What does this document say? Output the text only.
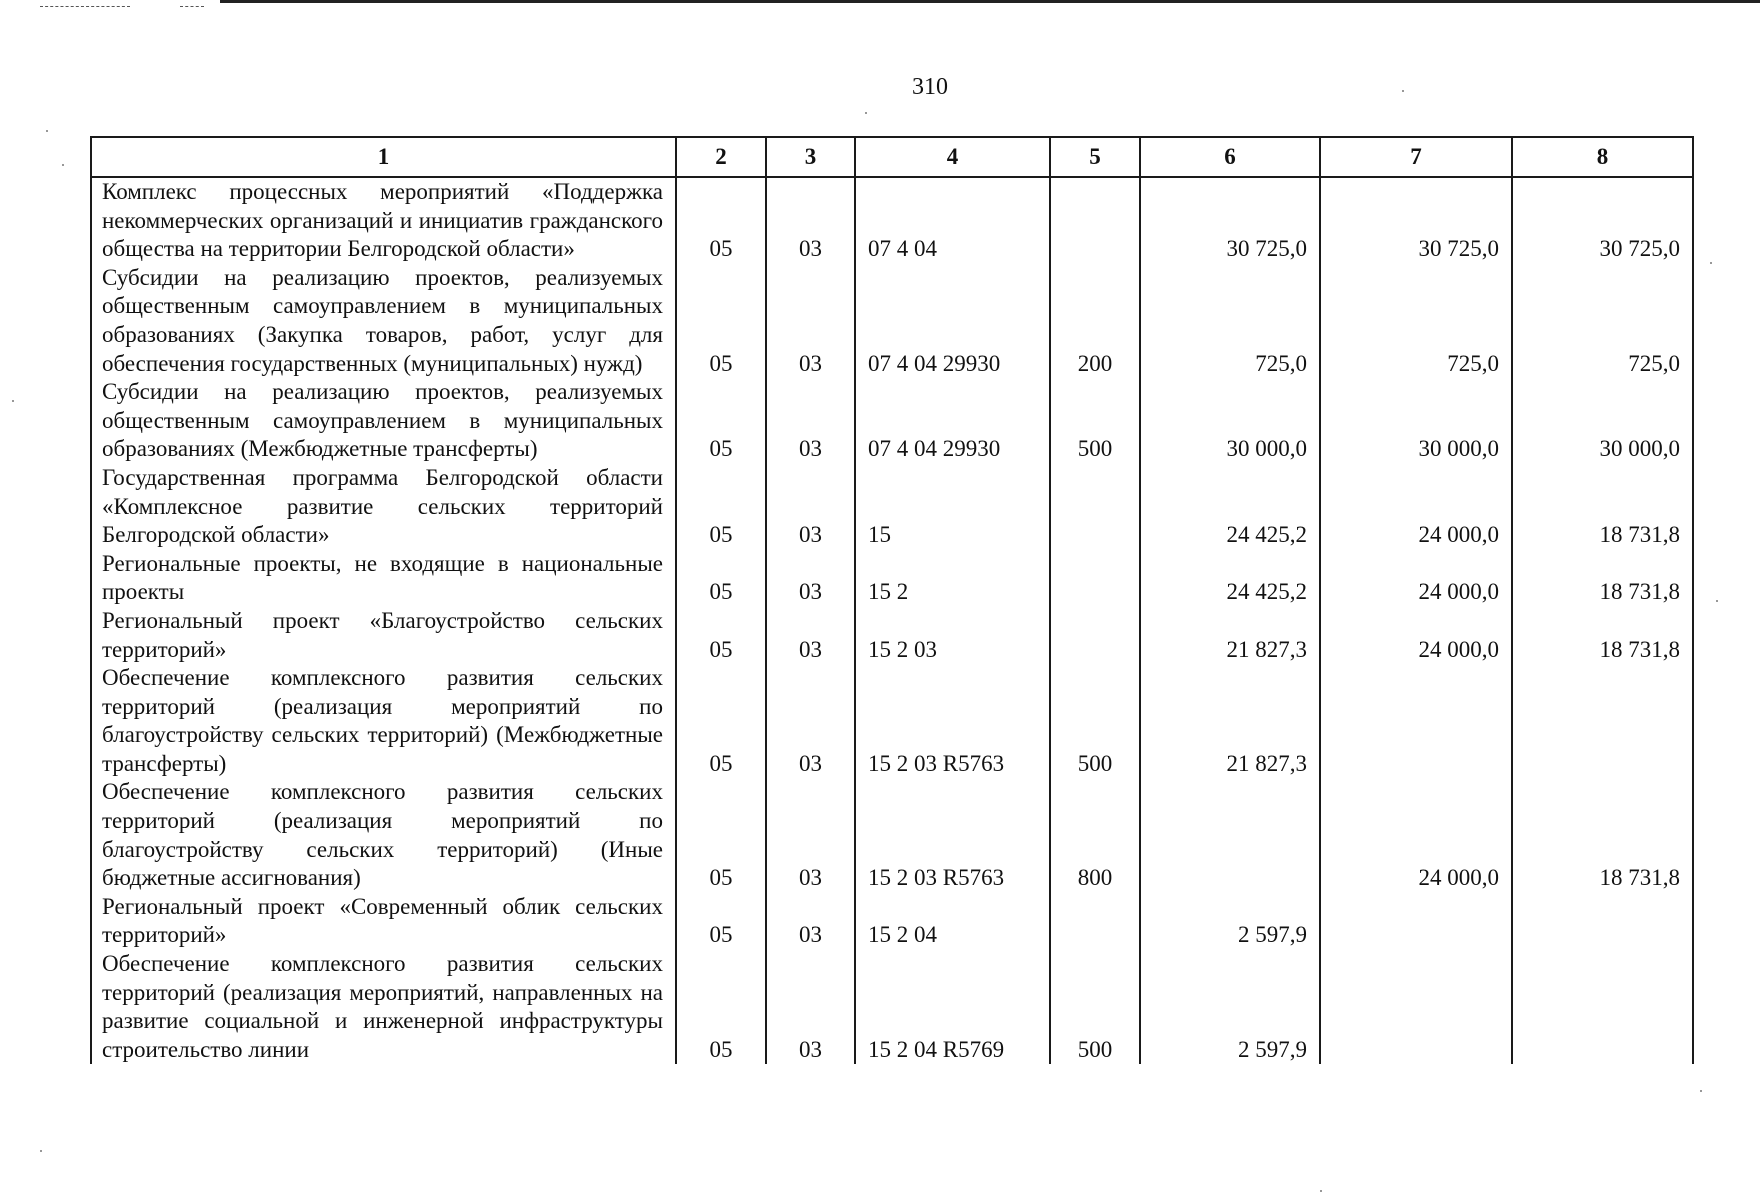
310
1	2	3	4	5	6	7	8
Комплекс процессных мероприятий «Поддержка некоммерческих организаций и инициатив гражданского общества на территории Белгородской области»	05	03	07 4 04		30 725,0	30 725,0	30 725,0
Субсидии на реализацию проектов, реализуемых общественным самоуправлением в муниципальных образованиях (Закупка товаров, работ, услуг для обеспечения государственных (муниципальных) нужд)	05	03	07 4 04 29930	200	725,0	725,0	725,0
Субсидии на реализацию проектов, реализуемых общественным самоуправлением в муниципальных образованиях (Межбюджетные трансферты)	05	03	07 4 04 29930	500	30 000,0	30 000,0	30 000,0
Государственная программа Белгородской области «Комплексное развитие сельских территорий Белгородской области»	05	03	15		24 425,2	24 000,0	18 731,8
Региональные проекты, не входящие в национальные проекты	05	03	15 2		24 425,2	24 000,0	18 731,8
Региональный проект «Благоустройство сельских территорий»	05	03	15 2 03		21 827,3	24 000,0	18 731,8
Обеспечение комплексного развития сельских территорий (реализация мероприятий по благоустройству сельских территорий) (Межбюджетные трансферты)	05	03	15 2 03 R5763	500	21 827,3		
Обеспечение комплексного развития сельских территорий (реализация мероприятий по благоустройству сельских территорий) (Иные бюджетные ассигнования)	05	03	15 2 03 R5763	800		24 000,0	18 731,8
Региональный проект «Современный облик сельских территорий»	05	03	15 2 04		2 597,9		
Обеспечение комплексного развития сельских территорий (реализация мероприятий, направленных на развитие социальной и инженерной инфраструктуры строительство линии	05	03	15 2 04 R5769	500	2 597,9		
